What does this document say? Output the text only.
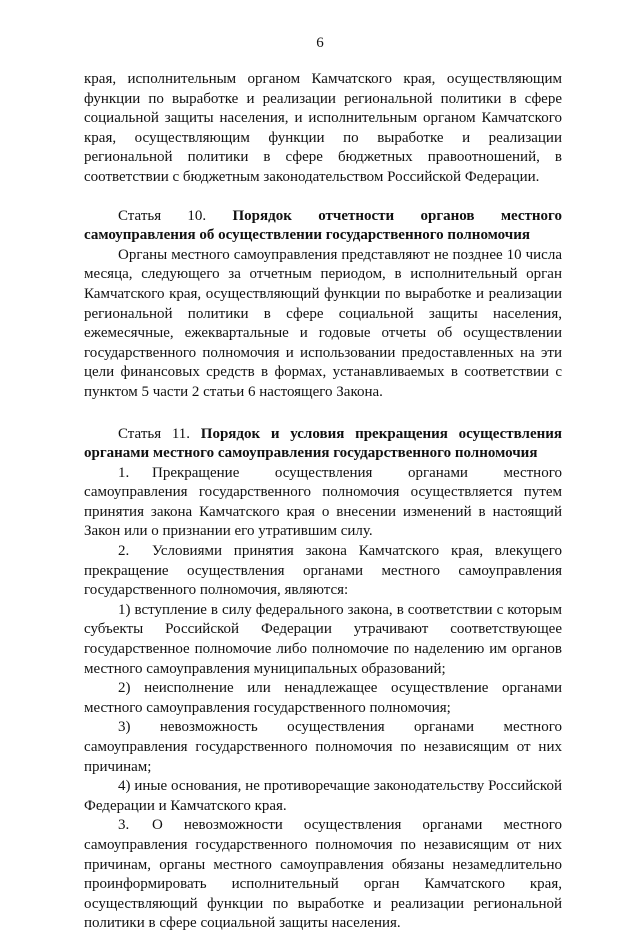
6

края, исполнительным органом Камчатского края, осуществляющим функции по выработке и реализации региональной политики в сфере социальной защиты населения, и исполнительным органом Камчатского края, осуществляющим функции по выработке и реализации региональной политики в сфере бюджетных правоотношений, в соответствии с бюджетным законодательством Российской Федерации.

Статья 10. Порядок отчетности органов местного самоуправления об осуществлении государственного полномочия

Органы местного самоуправления представляют не позднее 10 числа месяца, следующего за отчетным периодом, в исполнительный орган Камчатского края, осуществляющий функции по выработке и реализации региональной политики в сфере социальной защиты населения, ежемесячные, ежеквартальные и годовые отчеты об осуществлении государственного полномочия и использовании предоставленных на эти цели финансовых средств в формах, устанавливаемых в соответствии с пунктом 5 части 2 статьи 6 настоящего Закона.

Статья 11. Порядок и условия прекращения осуществления органами местного самоуправления государственного полномочия

1. Прекращение осуществления органами местного самоуправления государственного полномочия осуществляется путем принятия закона Камчатского края о внесении изменений в настоящий Закон или о признании его утратившим силу.

2. Условиями принятия закона Камчатского края, влекущего прекращение осуществления органами местного самоуправления государственного полномочия, являются:

1) вступление в силу федерального закона, в соответствии с которым субъекты Российской Федерации утрачивают соответствующее государственное полномочие либо полномочие по наделению им органов местного самоуправления муниципальных образований;

2) неисполнение или ненадлежащее осуществление органами местного самоуправления государственного полномочия;

3) невозможность осуществления органами местного самоуправления государственного полномочия по независящим от них причинам;

4) иные основания, не противоречащие законодательству Российской Федерации и Камчатского края.

3. О невозможности осуществления органами местного самоуправления государственного полномочия по независящим от них причинам, органы местного самоуправления обязаны незамедлительно проинформировать исполнительный орган Камчатского края, осуществляющий функции по выработке и реализации региональной политики в сфере социальной защиты населения.
